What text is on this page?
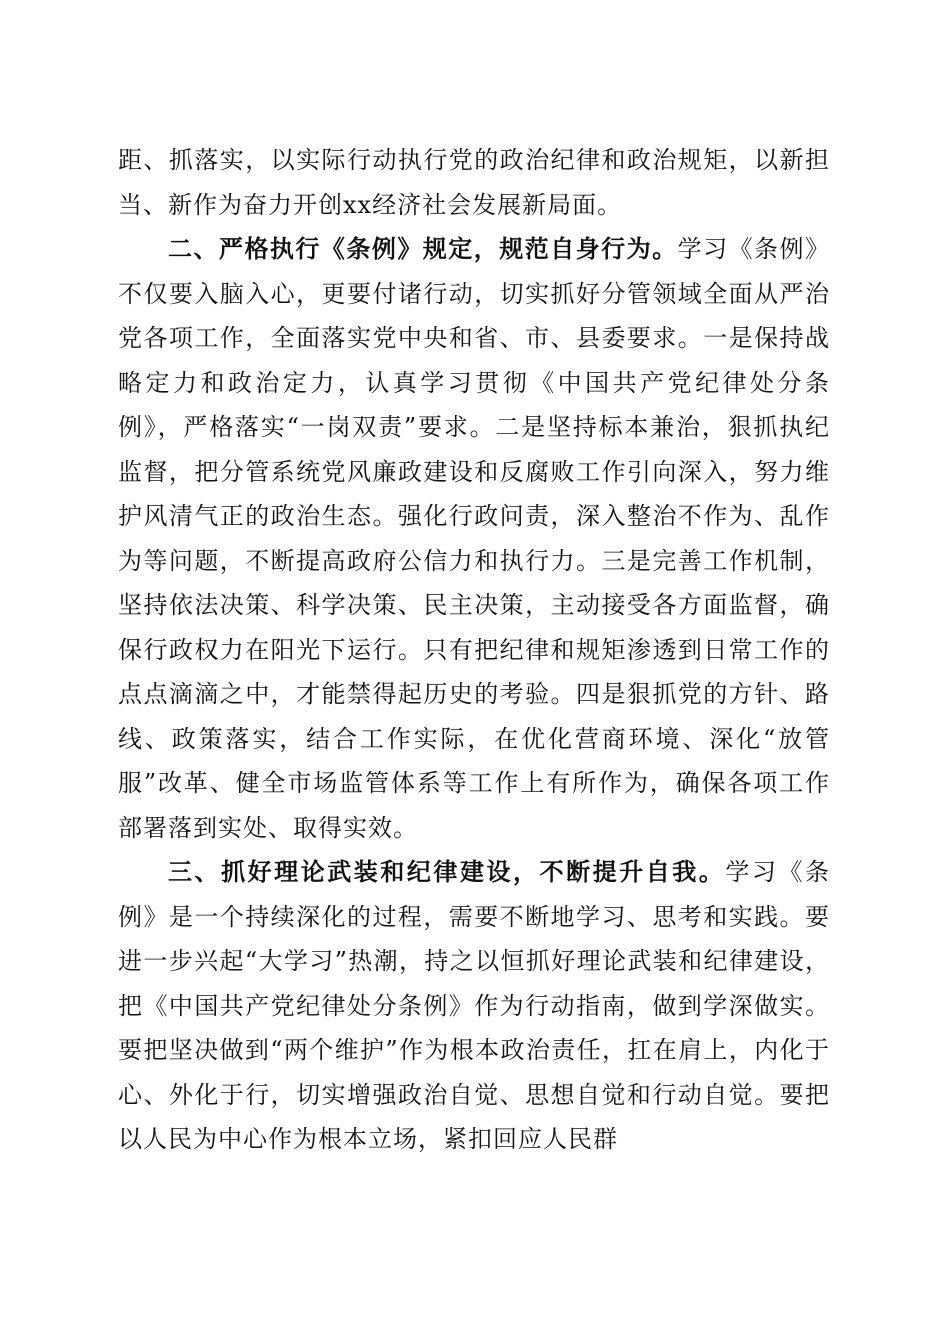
距、抓落实，以实际行动执行党的政治纪律和政治规矩，以新担当、新作为奋力开创xx经济社会发展新局面。

二、严格执行《条例》规定，规范自身行为。学习《条例》不仅要入脑入心，更要付诸行动，切实抓好分管领域全面从严治党各项工作，全面落实党中央和省、市、县委要求。一是保持战略定力和政治定力，认真学习贯彻《中国共产党纪律处分条例》，严格落实“一岗双责”要求。二是坚持标本兼治，狠抓执纪监督，把分管系统党风廉政建设和反腐败工作引向深入，努力维护风清气正的政治生态。强化行政问责，深入整治不作为、乱作为等问题，不断提高政府公信力和执行力。三是完善工作机制，坚持依法决策、科学决策、民主决策，主动接受各方面监督，确保行政权力在阳光下运行。只有把纪律和规矩渗透到日常工作的点点滴滴之中，才能禁得起历史的考验。四是狠抓党的方针、路线、政策落实，结合工作实际，在优化营商环境、深化“放管服”改革、健全市场监管体系等工作上有所作为，确保各项工作部署落到实处、取得实效。

三、抓好理论武装和纪律建设，不断提升自我。学习《条例》是一个持续深化的过程，需要不断地学习、思考和实践。要进一步兴起“大学习”热潮，持之以恒抓好理论武装和纪律建设，把《中国共产党纪律处分条例》作为行动指南，做到学深做实。要把坚决做到“两个维护”作为根本政治责任，扛在肩上，内化于心、外化于行，切实增强政治自觉、思想自觉和行动自觉。要把以人民为中心作为根本立场，紧扣回应人民群
